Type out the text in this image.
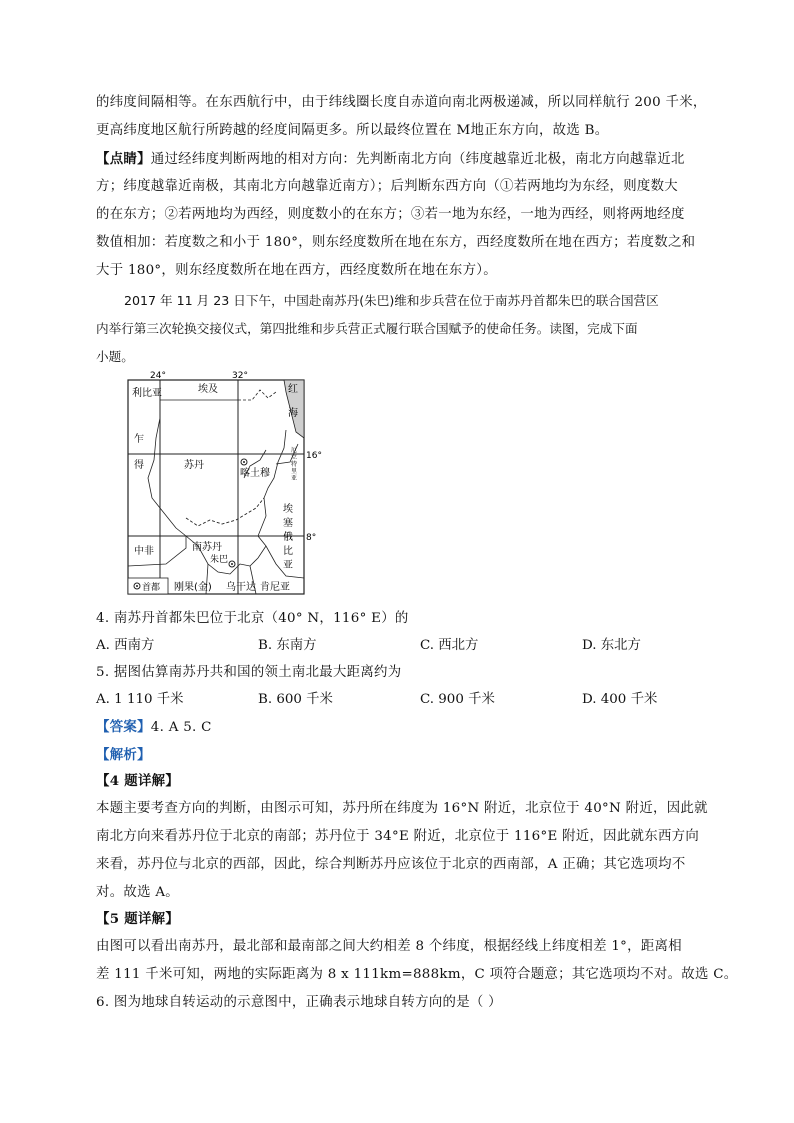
的纬度间隔相等。在东西航行中，由于纬线圈长度自赤道向南北两极递减，所以同样航行 200 千米，
更高纬度地区航行所跨越的经度间隔更多。所以最终位置在 M地正东方向，故选 B。
【点睛】通过经纬度判断两地的相对方向：先判断南北方向（纬度越靠近北极，南北方向越靠近北
方；纬度越靠近南极，其南北方向越靠近南方）；后判断东西方向（①若两地均为东经，则度数大
的在东方；②若两地均为西经，则度数小的在东方；③若一地为东经，一地为西经，则将两地经度
数值相加：若度数之和小于 180°，则东经度数所在地在东方，西经度数所在地在西方；若度数之和
大于 180°，则东经度数所在地在西方，西经度数所在地在东方）。
2017 年 11 月 23 日下午，中国赴南苏丹(朱巴)维和步兵营在位于南苏丹首都朱巴的联合国营区
内举行第三次轮换交接仪式，第四批维和步兵营正式履行联合国赋予的使命任务。读图，完成下面
小题。
24°	32°
16°
8°
利比亚	埃及	红
海
乍
得	苏丹
喀土穆
厄
立
特
里
亚
埃
塞
俄
比
亚
南苏丹
朱巴
中非
刚果(金) 乌干达 肯尼亚
首都
4. 南苏丹首都朱巴位于北京（40° N，116° E）的
A. 西南方	B. 东南方	C. 西北方	D. 东北方
5. 据图估算南苏丹共和国的领土南北最大距离约为
A. 1 110 千米	B. 600 千米	C. 900 千米	D. 400 千米
【答案】4. A 5. C
【解析】
【4 题详解】
本题主要考查方向的判断，由图示可知，苏丹所在纬度为 16°N 附近，北京位于 40°N 附近，因此就
南北方向来看苏丹位于北京的南部；苏丹位于 34°E 附近，北京位于 116°E 附近，因此就东西方向
来看，苏丹位与北京的西部，因此，综合判断苏丹应该位于北京的西南部，A 正确；其它选项均不
对。故选 A。
【5 题详解】
由图可以看出南苏丹，最北部和最南部之间大约相差 8 个纬度，根据经线上纬度相差 1°，距离相
差 111 千米可知，两地的实际距离为 8 x 111km=888km，C 项符合题意；其它选项均不对。故选 C。
6. 图为地球自转运动的示意图中，正确表示地球自转方向的是（ ）
